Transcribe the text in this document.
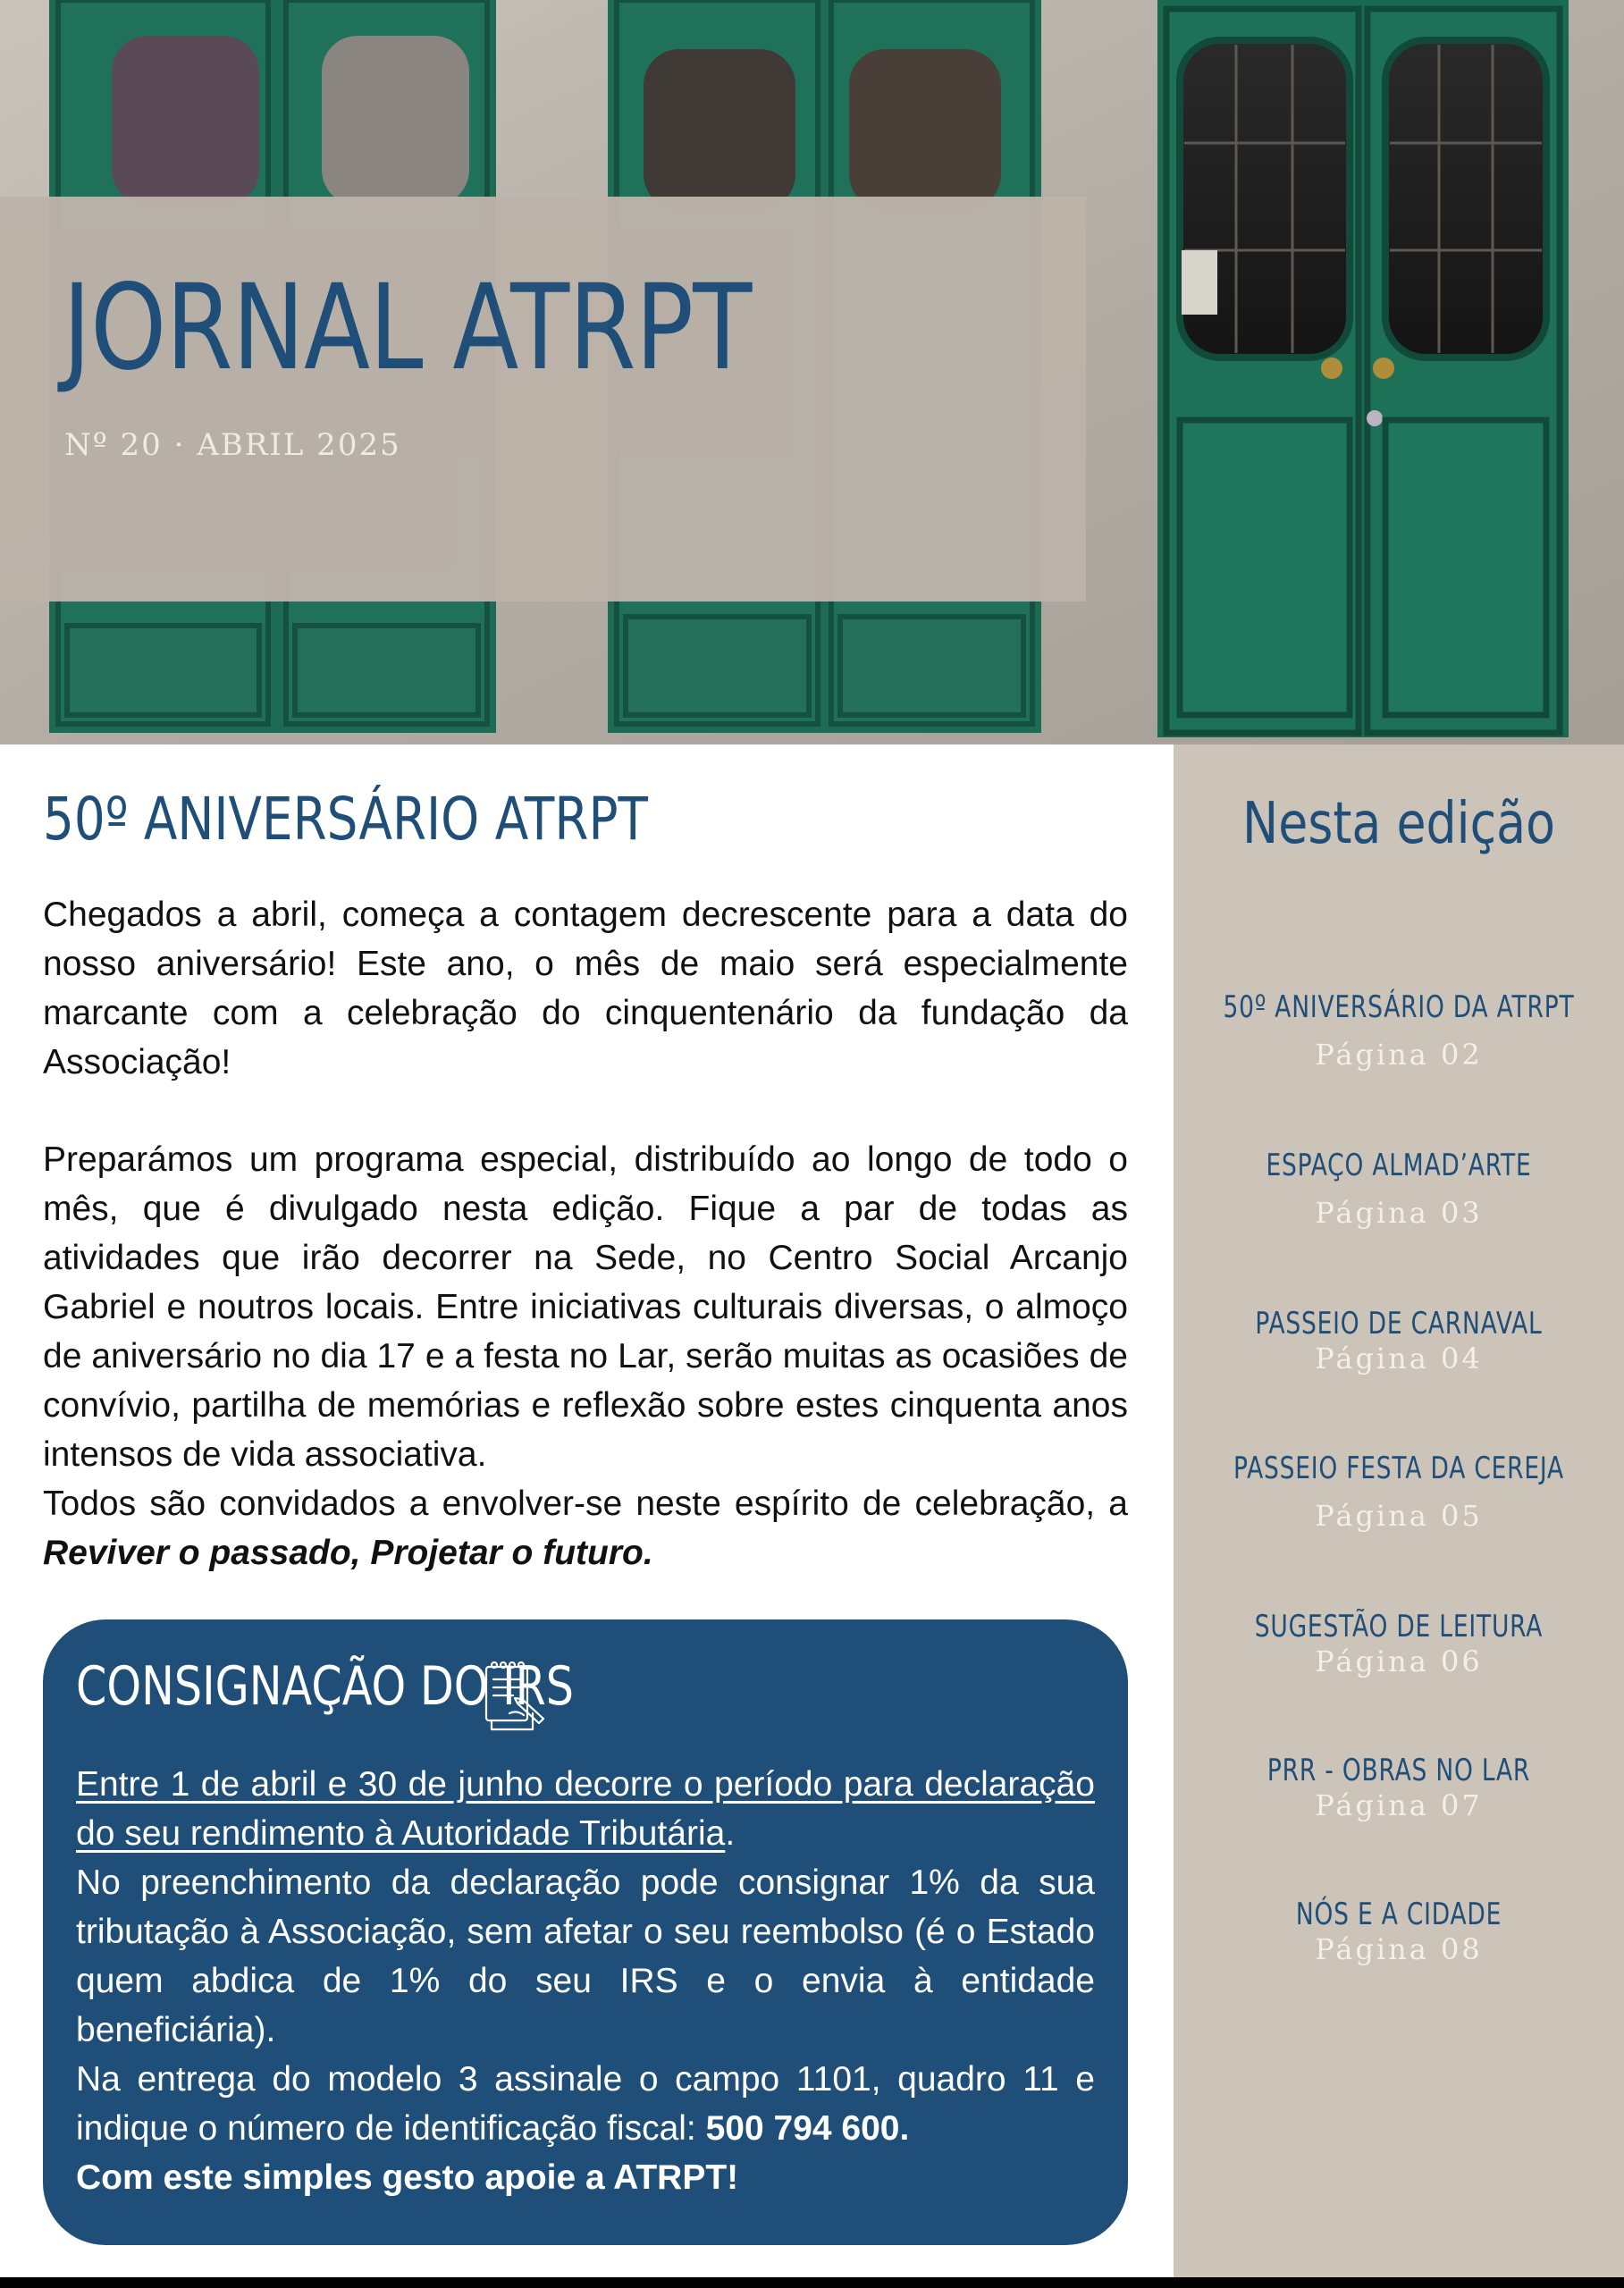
JORNAL ATRPT
Nº 20 · ABRIL 2025
50º ANIVERSÁRIO ATRPT

Chegados a abril, começa a contagem decrescente para a data do nosso aniversário! Este ano, o mês de maio será especialmente marcante com a celebração do cinquentenário da fundação da Associação!

Preparámos um programa especial, distribuído ao longo de todo o mês, que é divulgado nesta edição. Fique a par de todas as atividades que irão decorrer na Sede, no Centro Social Arcanjo Gabriel e noutros locais. Entre iniciativas culturais diversas, o almoço de aniversário no dia 17 e a festa no Lar, serão muitas as ocasiões de convívio, partilha de memórias e reflexão sobre estes cinquenta anos intensos de vida associativa.

Todos são convidados a envolver-se neste espírito de celebração, a Reviver o passado, Projetar o futuro.

CONSIGNAÇÃO DO IRS

Entre 1 de abril e 30 de junho decorre o período para declaração do seu rendimento à Autoridade Tributária.

No preenchimento da declaração pode consignar 1% da sua tributação à Associação, sem afetar o seu reembolso (é o Estado quem abdica de 1% do seu IRS e o envia à entidade beneficiária).

Na entrega do modelo 3 assinale o campo 1101, quadro 11 e indique o número de identificação fiscal: 500 794 600.

Com este simples gesto apoie a ATRPT!

Nesta edição
50º ANIVERSÁRIO DA ATRPT
Página 02
ESPAÇO ALMAD’ARTE
Página 03
PASSEIO DE CARNAVAL
Página 04
PASSEIO FESTA DA CEREJA
Página 05
SUGESTÃO DE LEITURA
Página 06
PRR - OBRAS NO LAR
Página 07
NÓS E A CIDADE
Página 08
